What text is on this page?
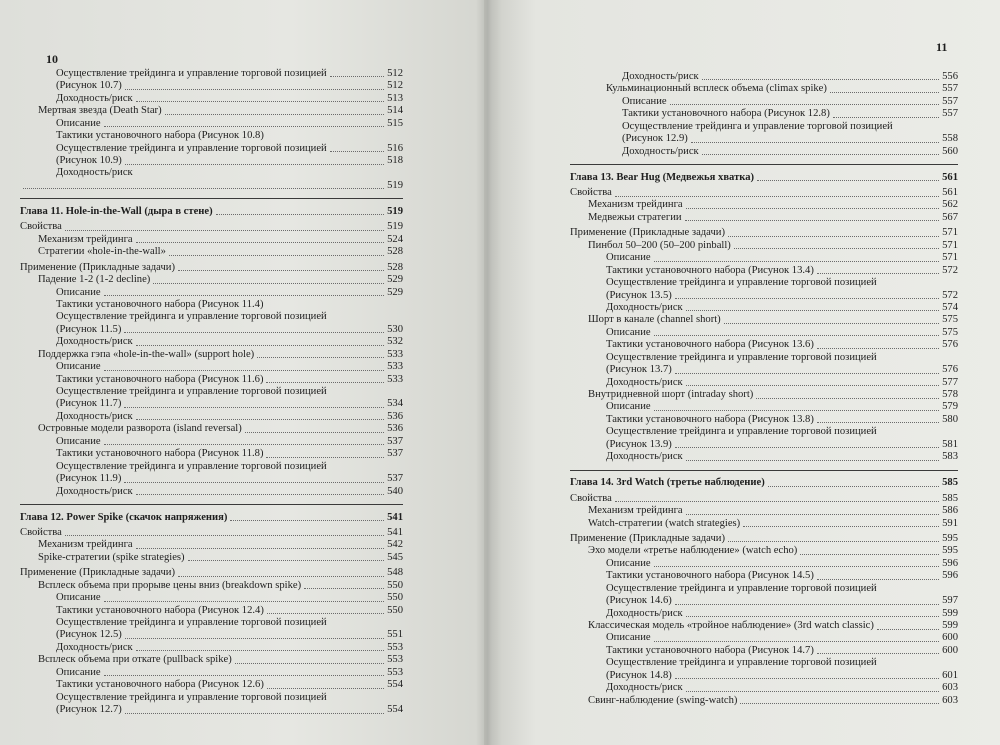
10
Осуществление трейдинга и управление торговой позицией	512
(Рисунок 10.7)	512
Доходность/риск	513
Мертвая звезда (Death Star)	514
Описание	515
Тактики установочного набора (Рисунок 10.8)
Осуществление трейдинга и управление торговой позицией	516
(Рисунок 10.9)	518
Доходность/риск
519
Глава 11. Hole-in-the-Wall (дыра в стене)	519
Свойства	519
Механизм трейдинга	524
Стратегии «hole-in-the-wall»	528
Применение (Прикладные задачи)	528
Падение 1-2 (1-2 decline)	529
Описание	529
Тактики установочного набора (Рисунок 11.4)
Осуществление трейдинга и управление торговой позицией
(Рисунок 11.5)	530
Доходность/риск	532
Поддержка гэпа «hole-in-the-wall» (support hole)	533
Описание	533
Тактики установочного набора (Рисунок 11.6)	533
Осуществление трейдинга и управление торговой позицией
(Рисунок 11.7)	534
Доходность/риск	536
Островные модели разворота (island reversal)	536
Описание	537
Тактики установочного набора (Рисунок 11.8)	537
Осуществление трейдинга и управление торговой позицией
(Рисунок 11.9)	537
Доходность/риск	540
Глава 12. Power Spike (скачок напряжения)	541
Свойства	541
Механизм трейдинга	542
Spike-стратегии (spike strategies)	545
Применение (Прикладные задачи)	548
Всплеск объема при прорыве цены вниз (breakdown spike)	550
Описание	550
Тактики установочного набора (Рисунок 12.4)	550
Осуществление трейдинга и управление торговой позицией
(Рисунок 12.5)	551
Доходность/риск	553
Всплеск объема при откате (pullback spike)	553
Описание	553
Тактики установочного набора (Рисунок 12.6)	554
Осуществление трейдинга и управление торговой позицией
(Рисунок 12.7)	554
11
Доходность/риск	556
Кульминационный всплеск объема (climax spike)	557
Описание	557
Тактики установочного набора (Рисунок 12.8)	557
Осуществление трейдинга и управление торговой позицией
(Рисунок 12.9)	558
Доходность/риск	560
Глава 13. Bear Hug (Медвежья хватка)	561
Свойства	561
Механизм трейдинга	562
Медвежьи стратегии	567
Применение (Прикладные задачи)	571
Пинбол 50–200 (50–200 pinball)	571
Описание	571
Тактики установочного набора (Рисунок 13.4)	572
Осуществление трейдинга и управление торговой позицией
(Рисунок 13.5)	572
Доходность/риск	574
Шорт в канале (channel short)	575
Описание	575
Тактики установочного набора (Рисунок 13.6)	576
Осуществление трейдинга и управление торговой позицией
(Рисунок 13.7)	576
Доходность/риск	577
Внутридневной шорт (intraday short)	578
Описание	579
Тактики установочного набора (Рисунок 13.8)	580
Осуществление трейдинга и управление торговой позицией
(Рисунок 13.9)	581
Доходность/риск	583
Глава 14. 3rd Watch (третье наблюдение)	585
Свойства	585
Механизм трейдинга	586
Watch-стратегии (watch strategies)	591
Применение (Прикладные задачи)	595
Эхо модели «третье наблюдение» (watch echo)	595
Описание	596
Тактики установочного набора (Рисунок 14.5)	596
Осуществление трейдинга и управление торговой позицией
(Рисунок 14.6)	597
Доходность/риск	599
Классическая модель «тройное наблюдение» (3rd watch classic)	599
Описание	600
Тактики установочного набора (Рисунок 14.7)	600
Осуществление трейдинга и управление торговой позицией
(Рисунок 14.8)	601
Доходность/риск	603
Свинг-наблюдение (swing-watch)	603
